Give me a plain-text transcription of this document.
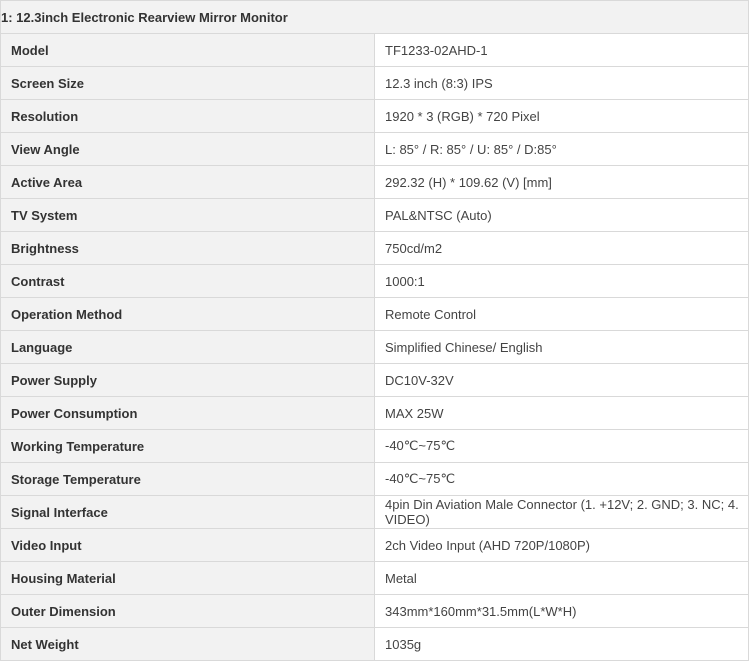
1: 12.3inch Electronic Rearview Mirror Monitor	
Model	TF1233-02AHD-1
Screen Size	12.3 inch (8:3) IPS
Resolution	1920 * 3 (RGB) * 720 Pixel
View Angle	L: 85° / R: 85° / U: 85° / D:85°
Active Area	292.32 (H) * 109.62 (V) [mm]
TV System	PAL&NTSC (Auto)
Brightness	750cd/m2
Contrast	1000:1
Operation Method	Remote Control
Language	Simplified Chinese/ English
Power Supply	DC10V-32V
Power Consumption	MAX 25W
Working Temperature	-40℃~75℃
Storage Temperature	-40℃~75℃
Signal Interface	4pin Din Aviation Male Connector (1. +12V; 2. GND; 3. NC; 4. VIDEO)
Video Input	2ch Video Input (AHD 720P/1080P)
Housing Material	Metal
Outer Dimension	343mm*160mm*31.5mm(L*W*H)
Net Weight	1035g
